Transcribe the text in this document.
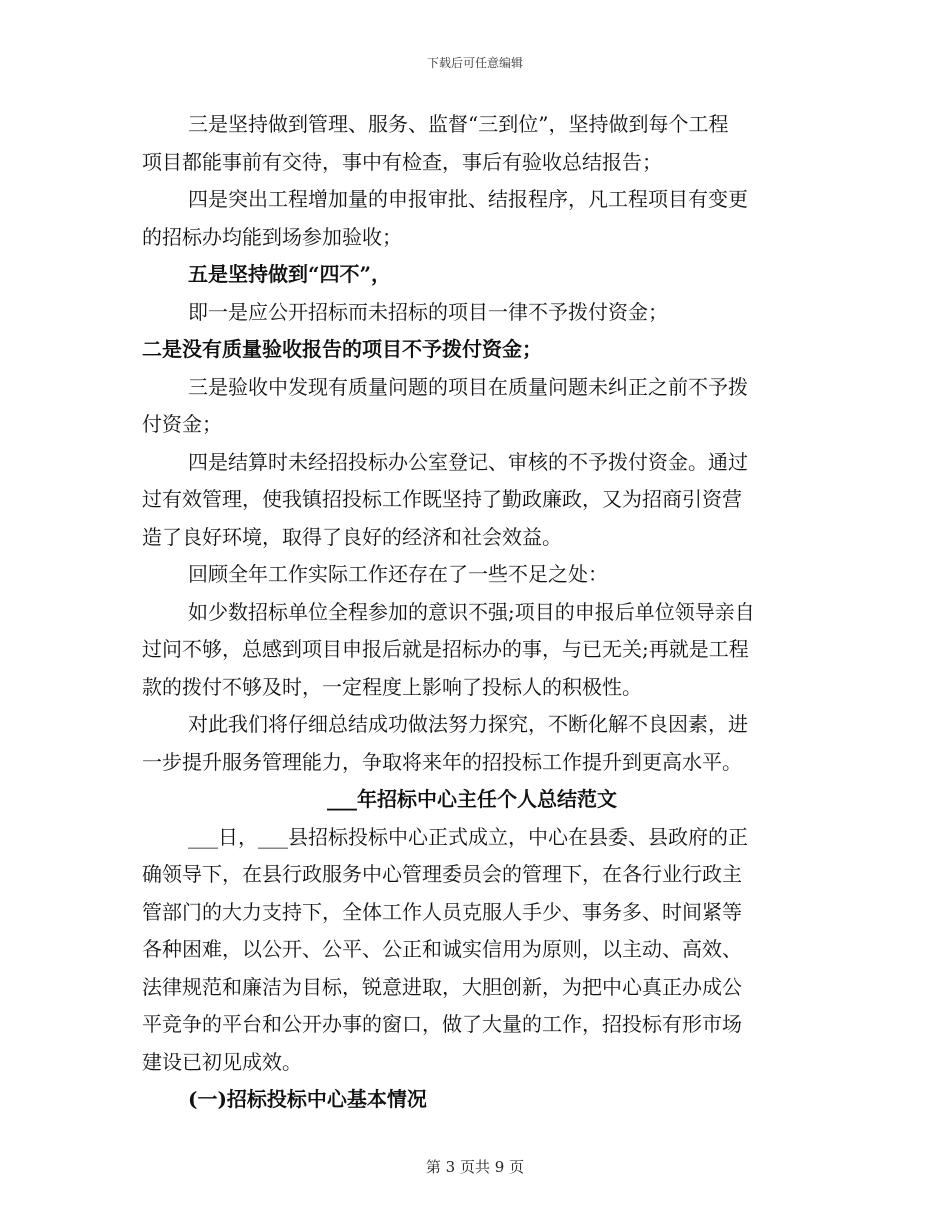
下载后可任意编辑
三是坚持做到管理、服务、监督“三到位”，坚持做到每个工程
项目都能事前有交待，事中有检查，事后有验收总结报告；
四是突出工程增加量的申报审批、结报程序，凡工程项目有变更
的招标办均能到场参加验收；
五是坚持做到“四不”，
即一是应公开招标而未招标的项目一律不予拨付资金；
二是没有质量验收报告的项目不予拨付资金；
三是验收中发现有质量问题的项目在质量问题未纠正之前不予拨
付资金；
四是结算时未经招投标办公室登记、审核的不予拨付资金。通过
过有效管理，使我镇招投标工作既坚持了勤政廉政，又为招商引资营
造了良好环境，取得了良好的经济和社会效益。
回顾全年工作实际工作还存在了一些不足之处：
如少数招标单位全程参加的意识不强;项目的申报后单位领导亲自
过问不够，总感到项目申报后就是招标办的事，与已无关;再就是工程
款的拨付不够及时，一定程度上影响了投标人的积极性。
对此我们将仔细总结成功做法努力探究，不断化解不良因素，进
一步提升服务管理能力，争取将来年的招投标工作提升到更高水平。
___年招标中心主任个人总结范文
___日，___县招标投标中心正式成立，中心在县委、县政府的正
确领导下，在县行政服务中心管理委员会的管理下，在各行业行政主
管部门的大力支持下，全体工作人员克服人手少、事务多、时间紧等
各种困难，以公开、公平、公正和诚实信用为原则，以主动、高效、
法律规范和廉洁为目标，锐意进取，大胆创新，为把中心真正办成公
平竞争的平台和公开办事的窗口，做了大量的工作，招投标有形市场
建设已初见成效。
(一)招标投标中心基本情况
第 3 页共 9 页
